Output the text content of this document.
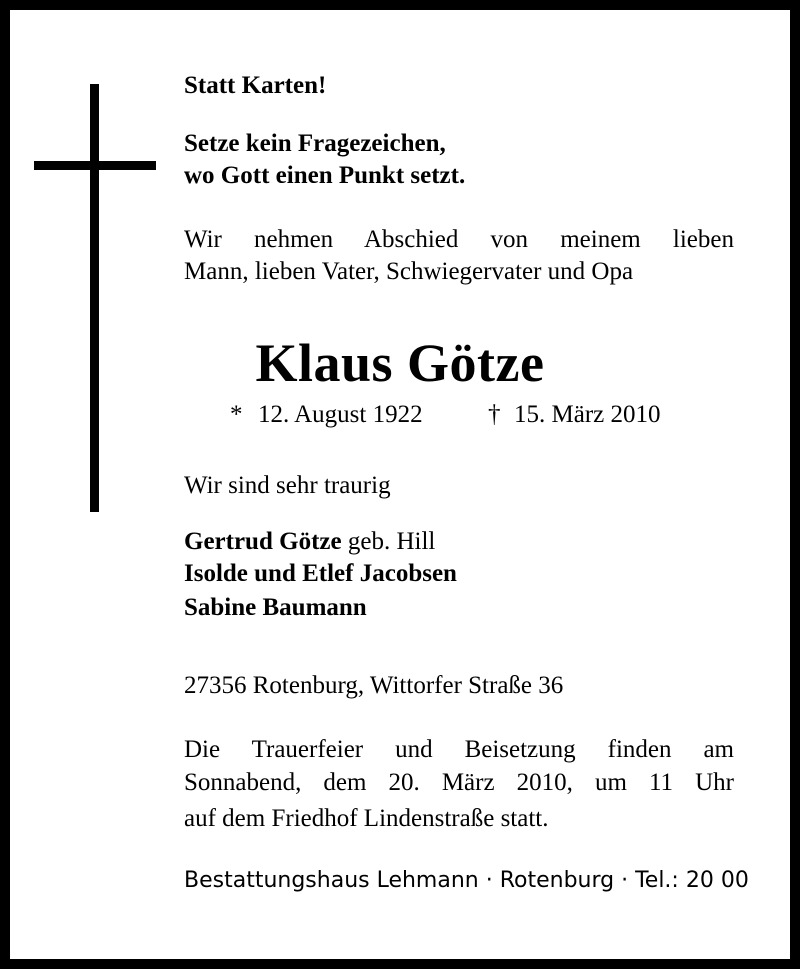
Statt Karten!
Setze kein Fragezeichen,
wo Gott einen Punkt setzt.
Wir nehmen Abschied von meinem lieben
Mann, lieben Vater, Schwiegervater und Opa
Klaus Götze
* 12. August 1922	† 15. März 2010
Wir sind sehr traurig
Gertrud Götze geb. Hill
Isolde und Etlef Jacobsen
Sabine Baumann
27356 Rotenburg, Wittorfer Straße 36
Die Trauerfeier und Beisetzung finden am
Sonnabend, dem 20. März 2010, um 11 Uhr
auf dem Friedhof Lindenstraße statt.
Bestattungshaus Lehmann · Rotenburg · Tel.: 20 00
